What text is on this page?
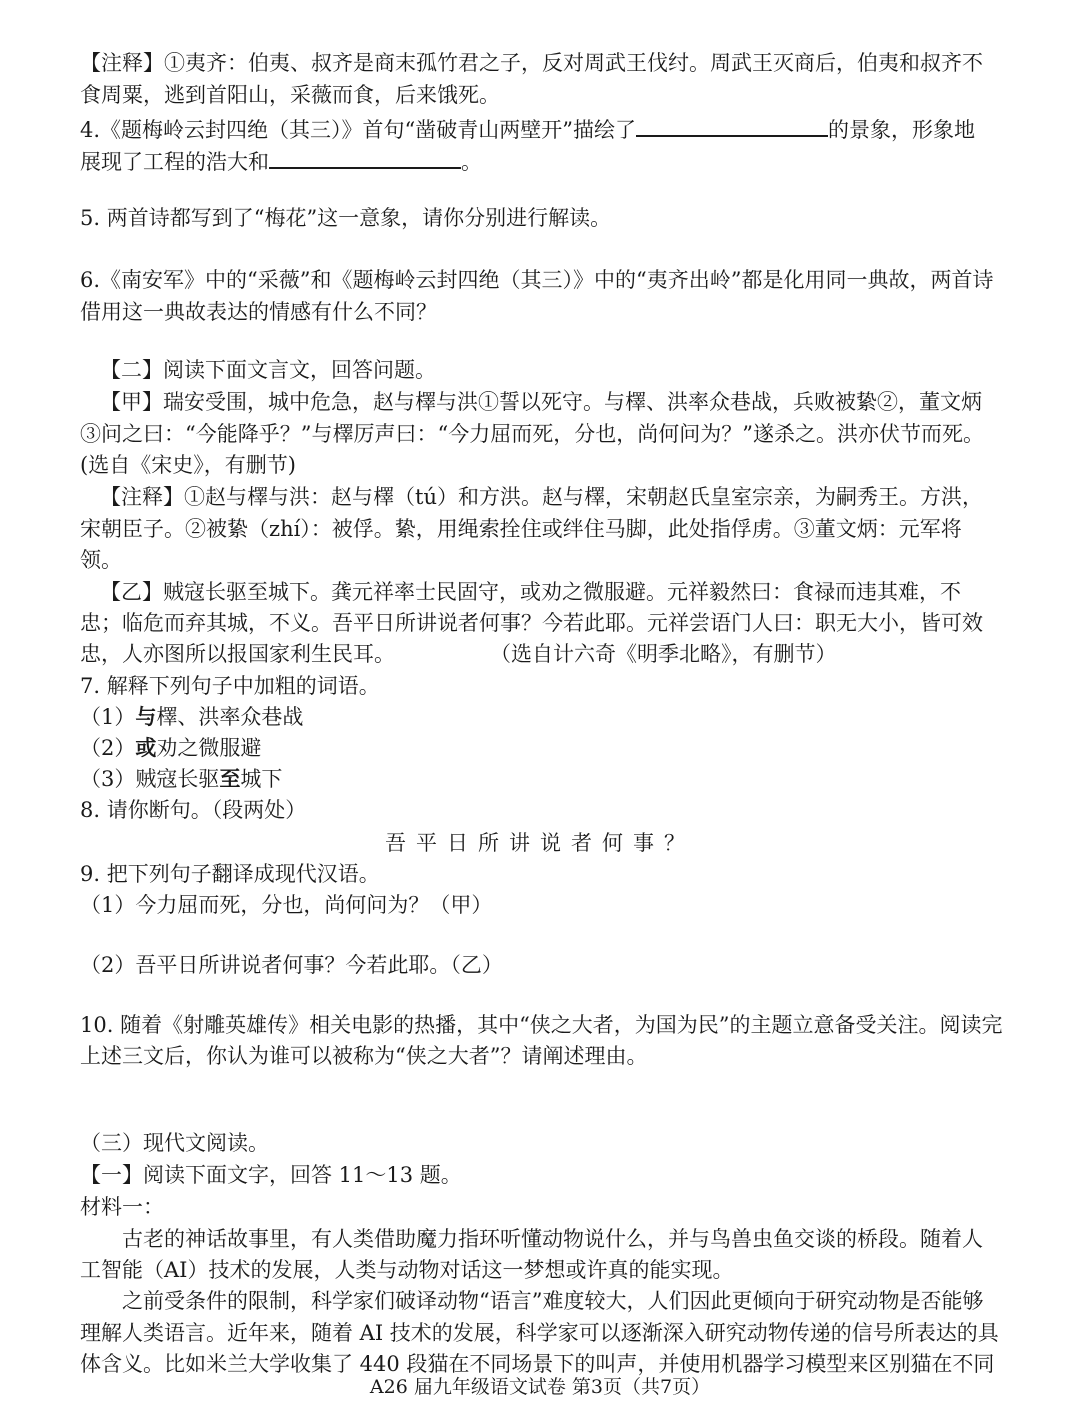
【注释】①夷齐：伯夷、叔齐是商末孤竹君之子，反对周武王伐纣。周武王灭商后，伯夷和叔齐不
食周粟，逃到首阳山，采薇而食，后来饿死。
4.《题梅岭云封四绝（其三）》首句“凿破青山两壁开”描绘了	的景象，形象地
展现了工程的浩大和	。
5. 两首诗都写到了“梅花”这一意象，请你分别进行解读。
6.《南安军》中的“采薇”和《题梅岭云封四绝（其三）》中的“夷齐出岭”都是化用同一典故，两首诗
借用这一典故表达的情感有什么不同？
【二】阅读下面文言文，回答问题。
【甲】瑞安受围，城中危急，赵与檡与洪①誓以死守。与檡、洪率众巷战，兵败被絷②，董文炳
③问之曰：“今能降乎？”与檡厉声曰：“今力屈而死，分也，尚何问为？”遂杀之。洪亦伏节而死。
(选自《宋史》，有删节)
【注释】①赵与檡与洪：赵与檡（tú）和方洪。赵与檡，宋朝赵氏皇室宗亲，为嗣秀王。方洪，
宋朝臣子。②被絷（zhí）：被俘。絷，用绳索拴住或绊住马脚，此处指俘虏。③董文炳：元军将
领。
【乙】贼寇长驱至城下。龚元祥率士民固守，或劝之微服避。元祥毅然曰：食禄而违其难，不
忠；临危而弃其城，不义。吾平日所讲说者何事？今若此耶。元祥尝语门人曰：职无大小，皆可效
忠，人亦图所以报国家利生民耳。	（选自计六奇《明季北略》，有删节）
7. 解释下列句子中加粗的词语。
（1）与檡、洪率众巷战
（2）或劝之微服避
（3）贼寇长驱至城下
8. 请你断句。（段两处）
吾平日所讲说者何事？
9. 把下列句子翻译成现代汉语。
（1）今力屈而死，分也，尚何问为？（甲）
（2）吾平日所讲说者何事？今若此耶。（乙）
10. 随着《射雕英雄传》相关电影的热播，其中“侠之大者，为国为民”的主题立意备受关注。阅读完
上述三文后，你认为谁可以被称为“侠之大者”？请阐述理由。
（三）现代文阅读。
【一】阅读下面文字，回答 11～13 题。
材料一：
古老的神话故事里，有人类借助魔力指环听懂动物说什么，并与鸟兽虫鱼交谈的桥段。随着人
工智能（AI）技术的发展，人类与动物对话这一梦想或许真的能实现。
之前受条件的限制，科学家们破译动物“语言”难度较大，人们因此更倾向于研究动物是否能够
理解人类语言。近年来，随着 AI 技术的发展，科学家可以逐渐深入研究动物传递的信号所表达的具
体含义。比如米兰大学收集了 440 段猫在不同场景下的叫声，并使用机器学习模型来区别猫在不同
A26 届九年级语文试卷 第3页（共7页）
